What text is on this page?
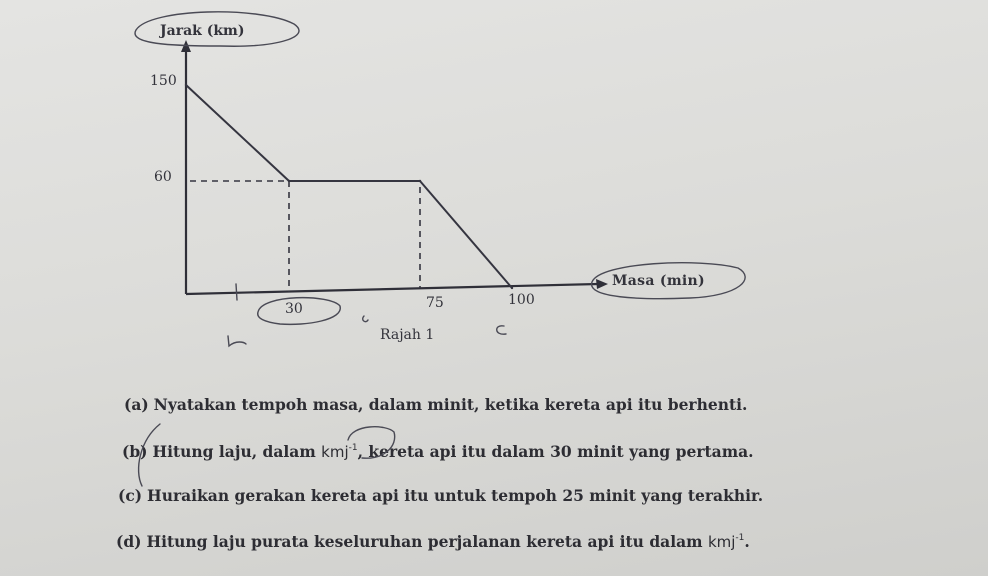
Jarak (km)
Masa (min)
150
60
30	75	100
Rajah 1
(a) Nyatakan tempoh masa, dalam minit, ketika kereta api itu berhenti.
(b) Hitung laju, dalam kmj$^{-1}$, kereta api itu dalam 30 minit yang pertama.
(c) Huraikan gerakan kereta api itu untuk tempoh 25 minit yang terakhir.
(d) Hitung laju purata keseluruhan perjalanan kereta api itu dalam kmj$^{-1}$.
